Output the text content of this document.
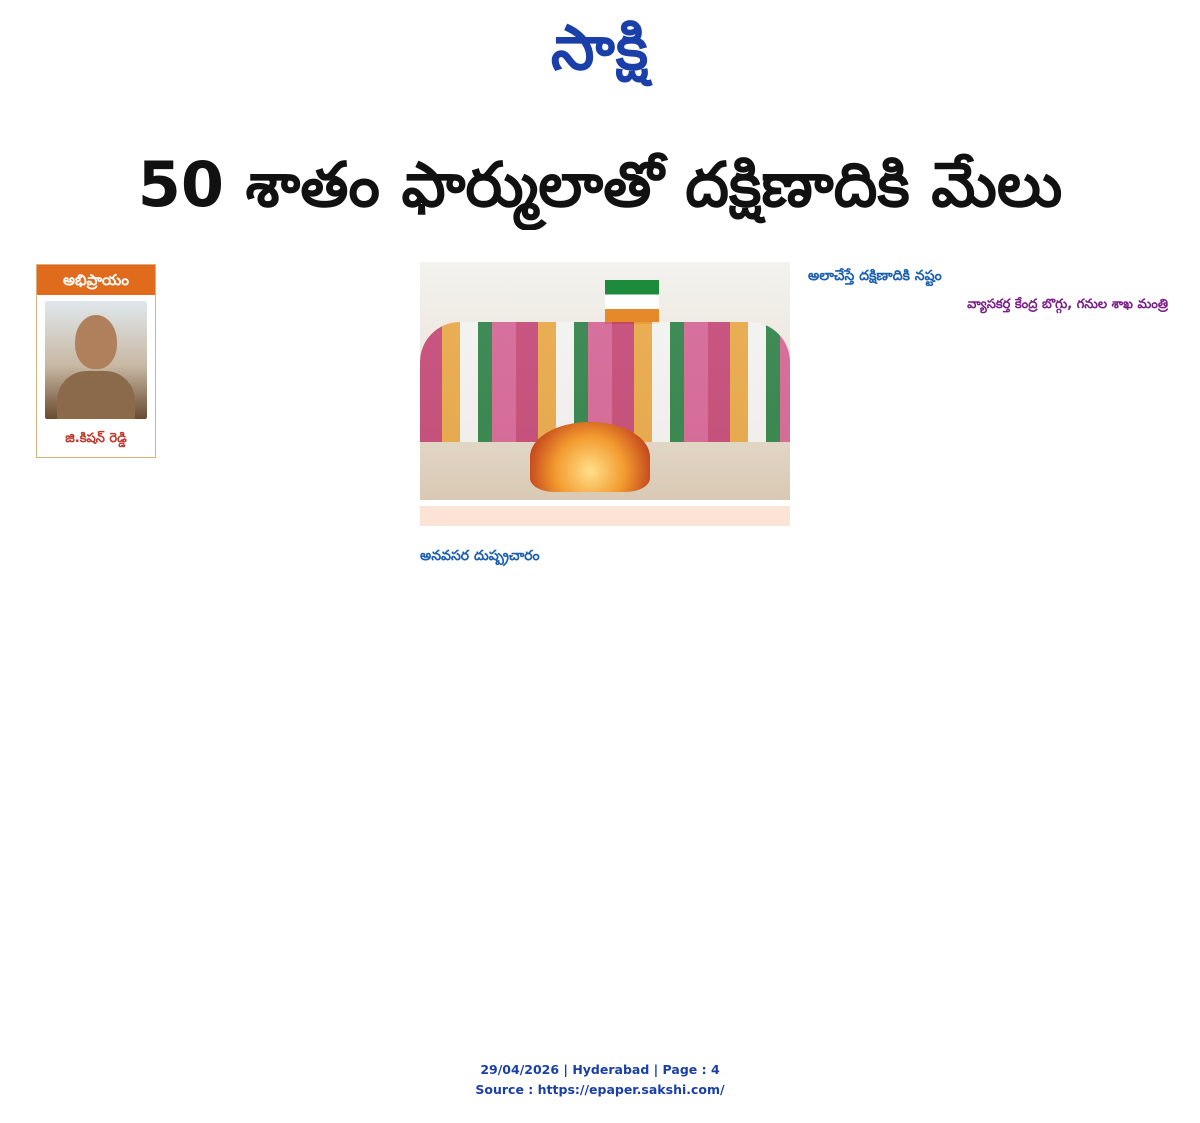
సాక్షి
50 శాతం ఫార్ములాతో దక్షిణాదికి మేలు
అభిప్రాయం
జి.కిషన్ రెడ్డి
అనవసర దుష్ప్రచారం
అలాచేస్తే దక్షిణాదికి నష్టం
వ్యాసకర్త కేంద్ర బొగ్గు, గనుల శాఖ మంత్రి
29/04/2026 | Hyderabad | Page : 4
Source : https://epaper.sakshi.com/
